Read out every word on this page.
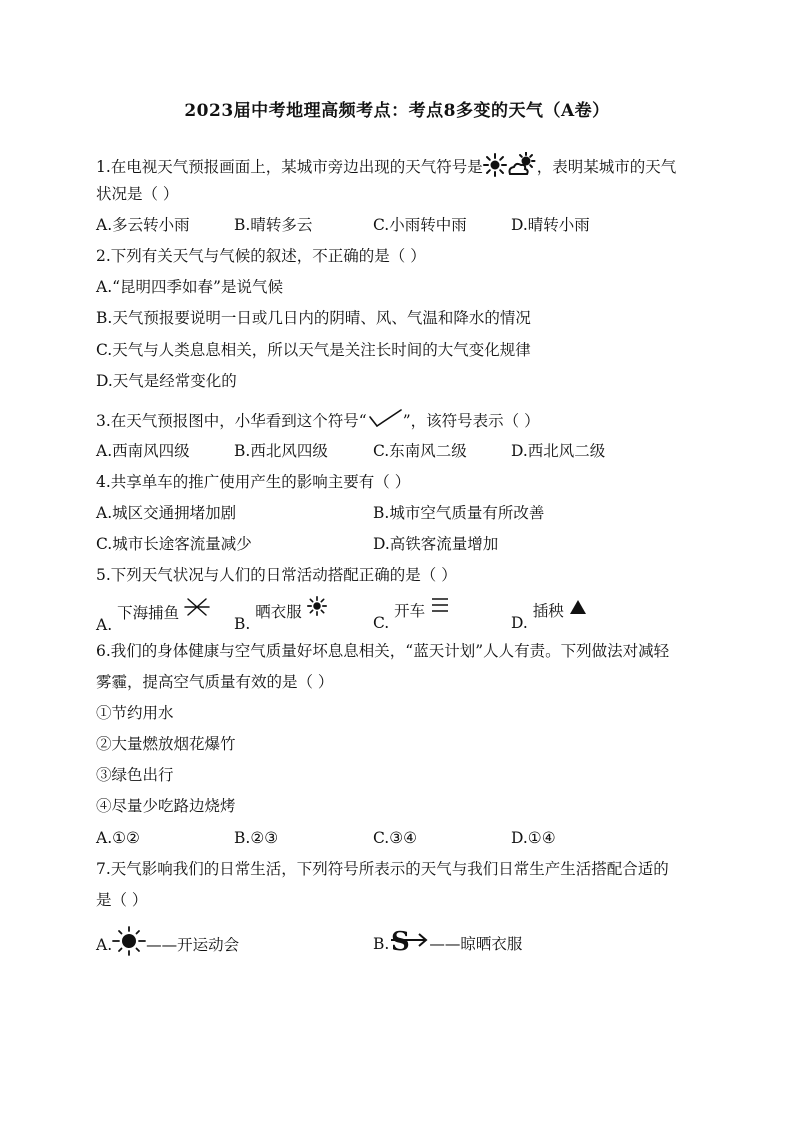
2023届中考地理高频考点：考点8多变的天气（A卷）
1.在电视天气预报画面上，某城市旁边出现的天气符号是	，表明某城市的天气
状况是（ ）
A.多云转小雨	B.晴转多云	C.小雨转中雨	D.晴转小雨
2.下列有关天气与气候的叙述，不正确的是（ ）
A.“昆明四季如春”是说气候
B.天气预报要说明一日或几日内的阴晴、风、气温和降水的情况
C.天气与人类息息相关，所以天气是关注长时间的大气变化规律
D.天气是经常变化的
3.在天气预报图中，小华看到这个符号“ ”，该符号表示（ ）
A.西南风四级	B.西北风四级	C.东南风二级	D.西北风二级
4.共享单车的推广使用产生的影响主要有（ ）
A.城区交通拥堵加剧	B.城市空气质量有所改善
C.城市长途客流量减少	D.高铁客流量增加
5.下列天气状况与人们的日常活动搭配正确的是（ ）
A. 下海捕鱼
B. 晒衣服
C. 开车
D. 插秧
6.我们的身体健康与空气质量好坏息息相关，“蓝天计划”人人有责。下列做法对减轻
雾霾，提高空气质量有效的是（ ）
①节约用水
②大量燃放烟花爆竹
③绿色出行
④尽量少吃路边烧烤
A.①②	B.②③	C.③④	D.①④
7.天气影响我们的日常生活，下列符号所表示的天气与我们日常生产生活搭配合适的
是（ ）
A. ——开运动会	B. S ——晾晒衣服
